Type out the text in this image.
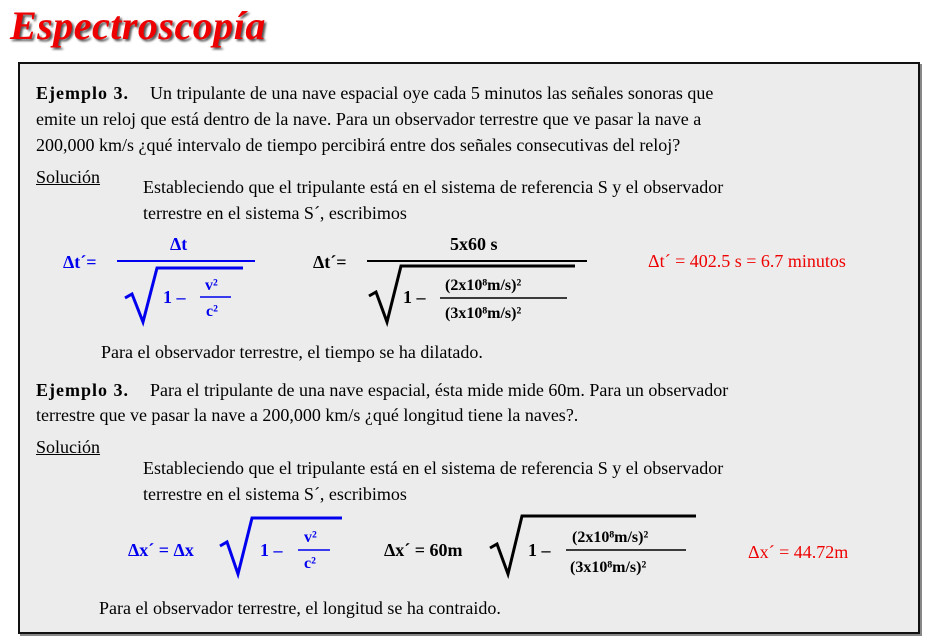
Espectroscopía
Ejemplo 3. Un tripulante de una nave espacial oye cada 5 minutos las señales sonoras que
emite un reloj que está dentro de la nave. Para un observador terrestre que ve pasar la nave a
200,000 km/s ¿qué intervalo de tiempo percibirá entre dos señales consecutivas del reloj?
Solución Estableciendo que el tripulante está en el sistema de referencia S y el observador
terrestre en el sistema S´, escribimos
Δt´=
Δt
1 –
v²
c²
Δt´=
5x60 s
1 –
(2x10⁸m/s)²
(3x10⁸m/s)²
Δt´ = 402.5 s = 6.7 minutos
Para el observador terrestre, el tiempo se ha dilatado.
Ejemplo 3. Para el tripulante de una nave espacial, ésta mide mide 60m. Para un observador
terrestre que ve pasar la nave a 200,000 km/s ¿qué longitud tiene la naves?.
Solución
Estableciendo que el tripulante está en el sistema de referencia S y el observador
terrestre en el sistema S´, escribimos
Δx´ = Δx	1 –
v²
c²
Δx´ = 60m	1 –
(2x10⁸m/s)²
(3x10⁸m/s)²
Δx´ = 44.72m
Para el observador terrestre, el longitud se ha contraido.
